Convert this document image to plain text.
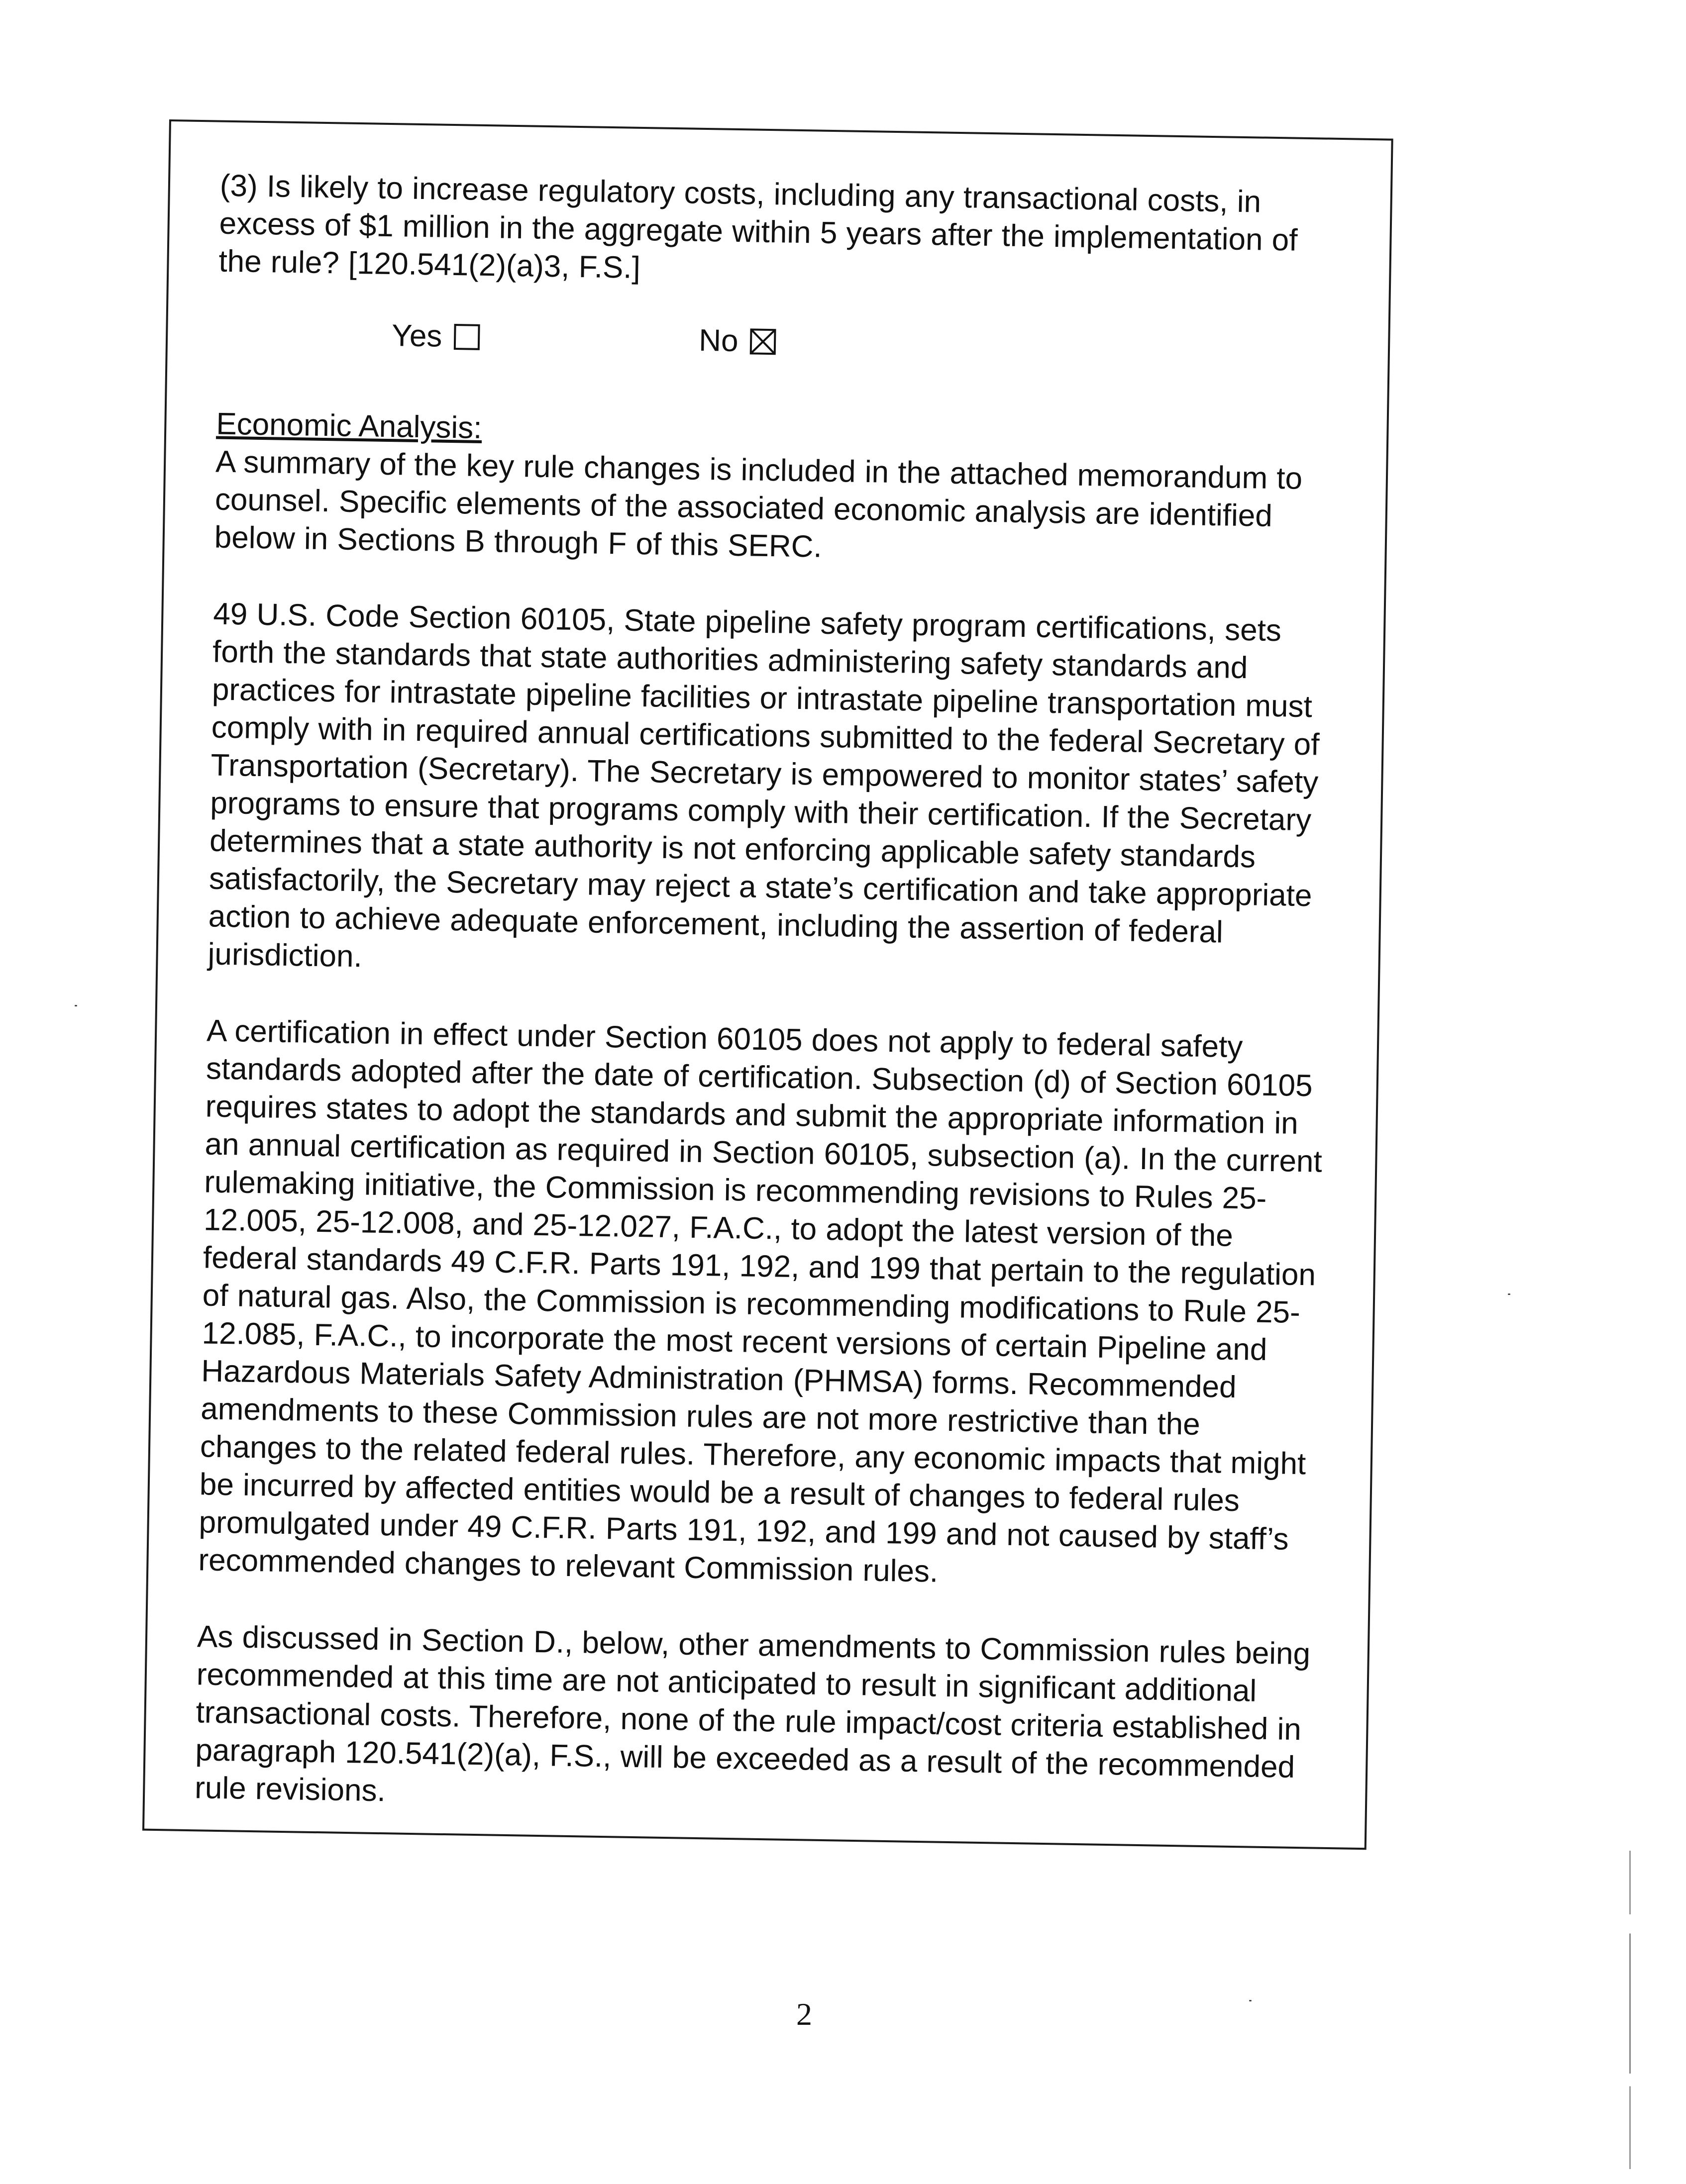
(3) Is likely to increase regulatory costs, including any transactional costs, in excess of $1 million in the aggregate within 5 years after the implementation of the rule? [120.541(2)(a)3, F.S.]

Yes	No

Economic Analysis:

A summary of the key rule changes is included in the attached memorandum to counsel. Specific elements of the associated economic analysis are identified below in Sections B through F of this SERC.

49 U.S. Code Section 60105, State pipeline safety program certifications, sets forth the standards that state authorities administering safety standards and practices for intrastate pipeline facilities or intrastate pipeline transportation must comply with in required annual certifications submitted to the federal Secretary of Transportation (Secretary). The Secretary is empowered to monitor states’ safety programs to ensure that programs comply with their certification. If the Secretary determines that a state authority is not enforcing applicable safety standards satisfactorily, the Secretary may reject a state’s certification and take appropriate action to achieve adequate enforcement, including the assertion of federal jurisdiction.

A certification in effect under Section 60105 does not apply to federal safety standards adopted after the date of certification. Subsection (d) of Section 60105 requires states to adopt the standards and submit the appropriate information in an annual certification as required in Section 60105, subsection (a). In the current rulemaking initiative, the Commission is recommending revisions to Rules 25-12.005, 25-12.008, and 25-12.027, F.A.C., to adopt the latest version of the federal standards 49 C.F.R. Parts 191, 192, and 199 that pertain to the regulation of natural gas. Also, the Commission is recommending modifications to Rule 25-12.085, F.A.C., to incorporate the most recent versions of certain Pipeline and Hazardous Materials Safety Administration (PHMSA) forms. Recommended amendments to these Commission rules are not more restrictive than the changes to the related federal rules. Therefore, any economic impacts that might be incurred by affected entities would be a result of changes to federal rules promulgated under 49 C.F.R. Parts 191, 192, and 199 and not caused by staff’s recommended changes to relevant Commission rules.

As discussed in Section D., below, other amendments to Commission rules being recommended at this time are not anticipated to result in significant additional transactional costs. Therefore, none of the rule impact/cost criteria established in paragraph 120.541(2)(a), F.S., will be exceeded as a result of the recommended rule revisions.

2
